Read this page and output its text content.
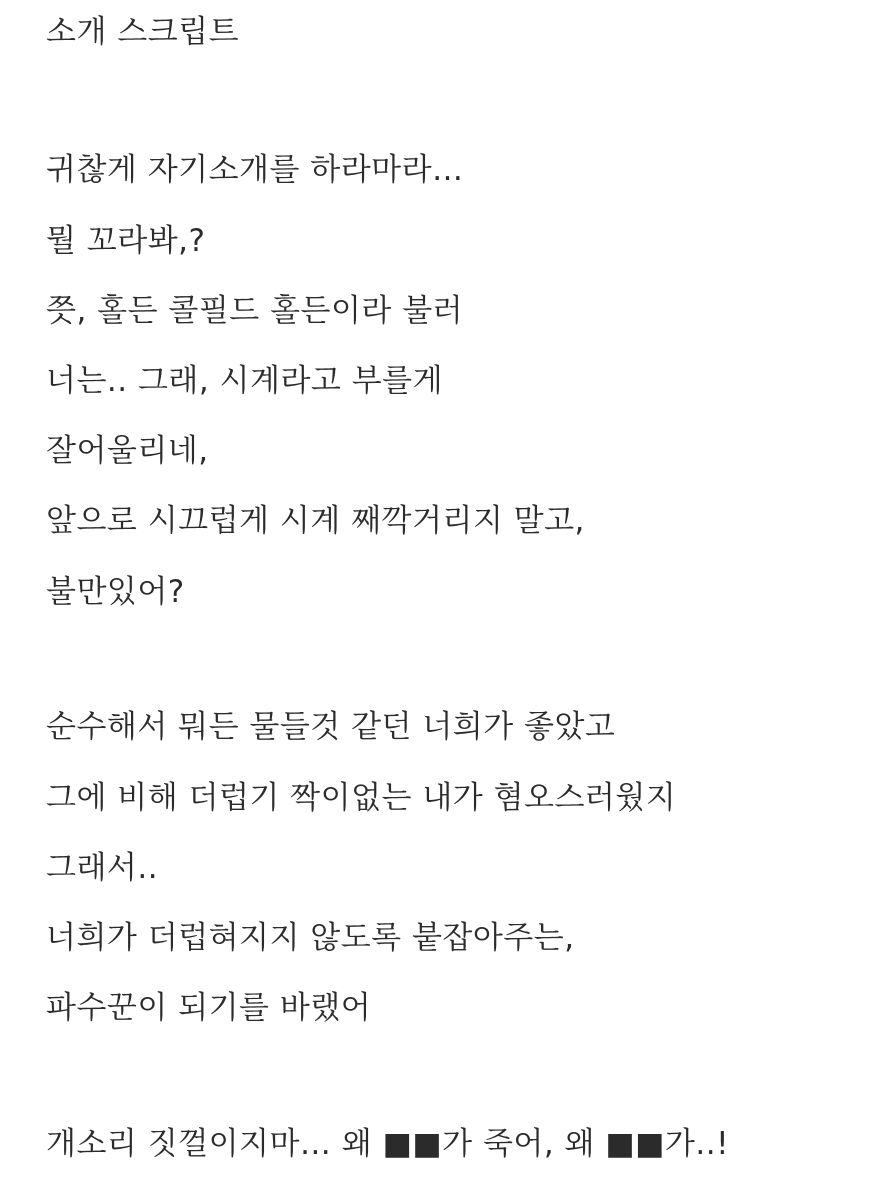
소개 스크립트
귀찮게 자기소개를 하라마라…
뭘 꼬라봐,?
쯧, 홀든 콜필드 홀든이라 불러
너는.. 그래, 시계라고 부를게
잘어울리네,
앞으로 시끄럽게 시계 째깍거리지 말고,
불만있어?
순수해서 뭐든 물들것 같던 너희가 좋았고
그에 비해 더럽기 짝이없는 내가 혐오스러웠지
그래서..
너희가 더럽혀지지 않도록 붙잡아주는,
파수꾼이 되기를 바랬어
개소리 짓껄이지마… 왜 ■■가 죽어, 왜 ■■가..!
